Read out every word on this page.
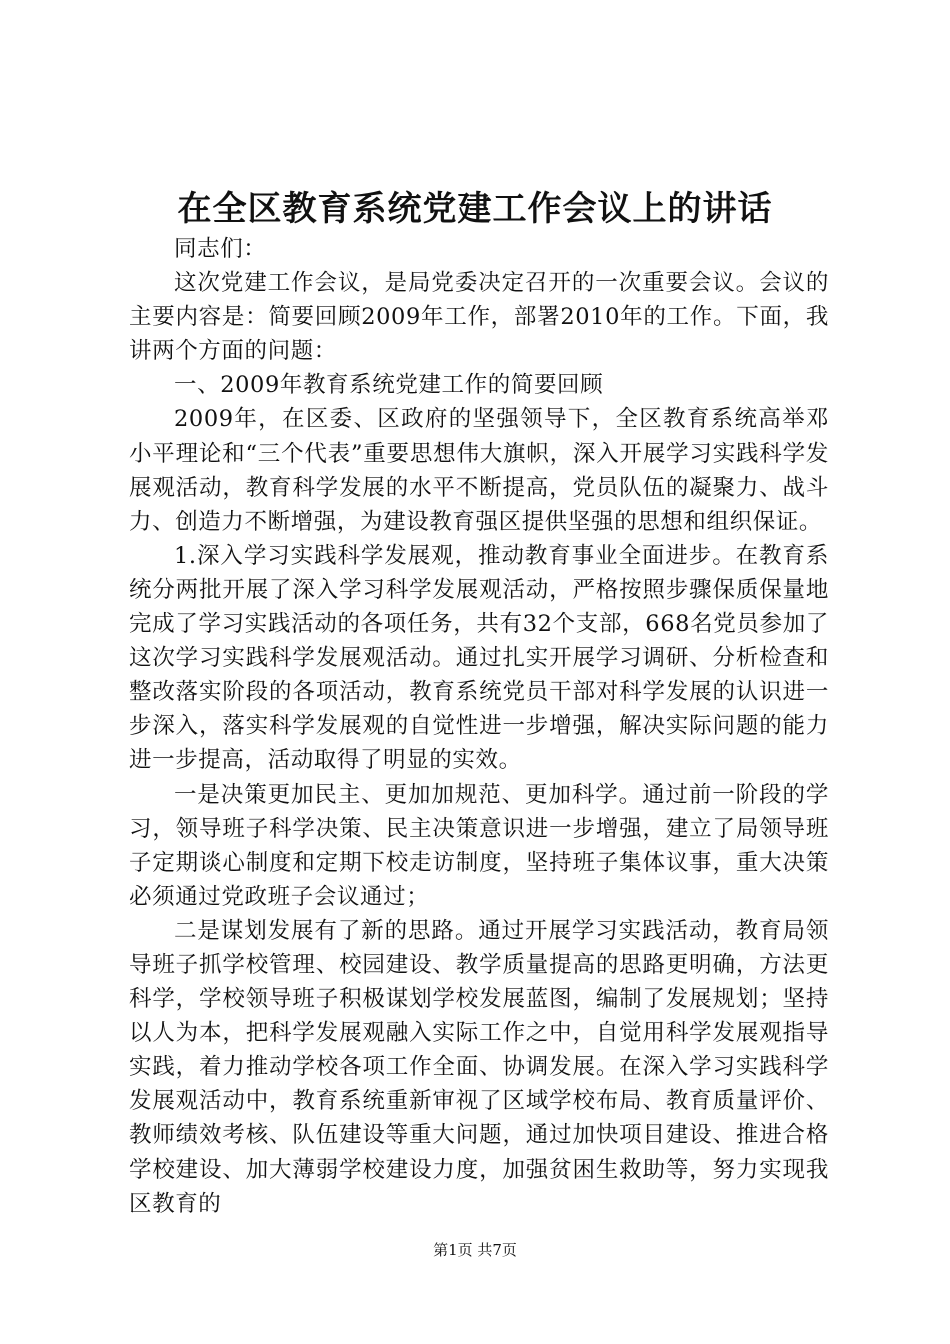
在全区教育系统党建工作会议上的讲话

同志们：

这次党建工作会议，是局党委决定召开的一次重要会议。会议的主要内容是：简要回顾2009年工作，部署2010年的工作。下面，我讲两个方面的问题：

一、2009年教育系统党建工作的简要回顾

2009年，在区委、区政府的坚强领导下，全区教育系统高举邓小平理论和“三个代表”重要思想伟大旗帜，深入开展学习实践科学发展观活动，教育科学发展的水平不断提高，党员队伍的凝聚力、战斗力、创造力不断增强，为建设教育强区提供坚强的思想和组织保证。

1.深入学习实践科学发展观，推动教育事业全面进步。在教育系统分两批开展了深入学习科学发展观活动，严格按照步骤保质保量地完成了学习实践活动的各项任务，共有32个支部，668名党员参加了这次学习实践科学发展观活动。通过扎实开展学习调研、分析检查和整改落实阶段的各项活动，教育系统党员干部对科学发展的认识进一步深入，落实科学发展观的自觉性进一步增强，解决实际问题的能力进一步提高，活动取得了明显的实效。

一是决策更加民主、更加加规范、更加科学。通过前一阶段的学习，领导班子科学决策、民主决策意识进一步增强，建立了局领导班子定期谈心制度和定期下校走访制度，坚持班子集体议事，重大决策必须通过党政班子会议通过；

二是谋划发展有了新的思路。通过开展学习实践活动，教育局领导班子抓学校管理、校园建设、教学质量提高的思路更明确，方法更科学，学校领导班子积极谋划学校发展蓝图，编制了发展规划；坚持以人为本，把科学发展观融入实际工作之中，自觉用科学发展观指导实践，着力推动学校各项工作全面、协调发展。在深入学习实践科学发展观活动中，教育系统重新审视了区域学校布局、教育质量评价、教师绩效考核、队伍建设等重大问题，通过加快项目建设、推进合格学校建设、加大薄弱学校建设力度，加强贫困生救助等，努力实现我区教育的

第1页 共7页
